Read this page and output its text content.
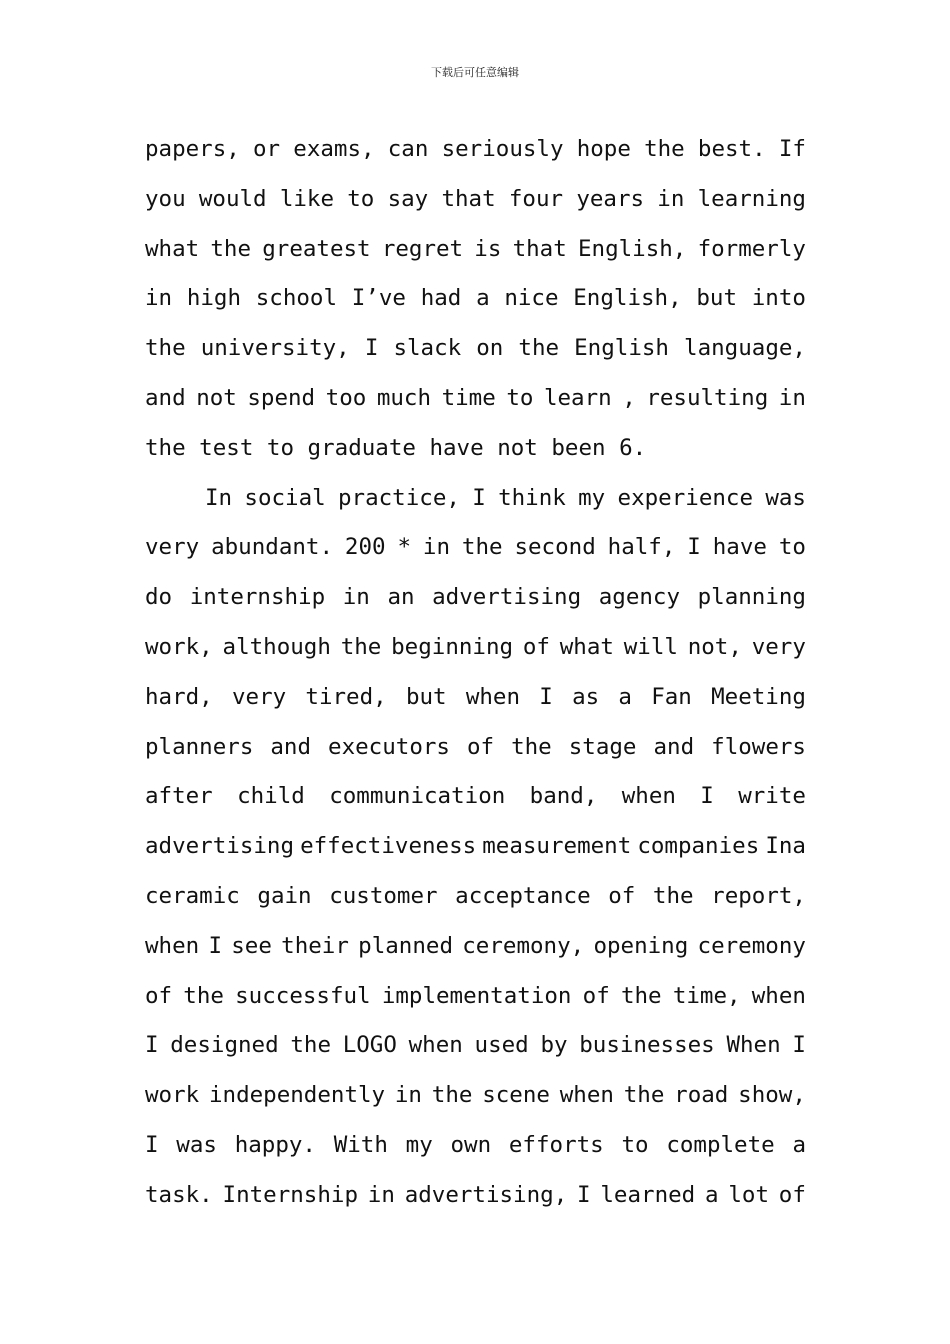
下载后可任意编辑
papers, or exams, can seriously hope the best. If
you would like to say that four years in learning
what the greatest regret is that English, formerly
in high school I’ve had a nice English, but into
the university, I slack on the English language,
and not spend too much time to learn , resulting in
the test to graduate have not been 6.
In social practice, I think my experience was
very abundant. 200 * in the second half, I have to
do internship in an advertising agency planning
work, although the beginning of what will not, very
hard, very tired, but when I as a Fan Meeting
planners and executors of the stage and flowers
after child communication band, when I write
advertising effectiveness measurement companies Ina
ceramic gain customer acceptance of the report,
when I see their planned ceremony, opening ceremony
of the successful implementation of the time, when
I designed the LOGO when used by businesses When I
work independently in the scene when the road show,
I was happy. With my own efforts to complete a
task. Internship in advertising, I learned a lot of
